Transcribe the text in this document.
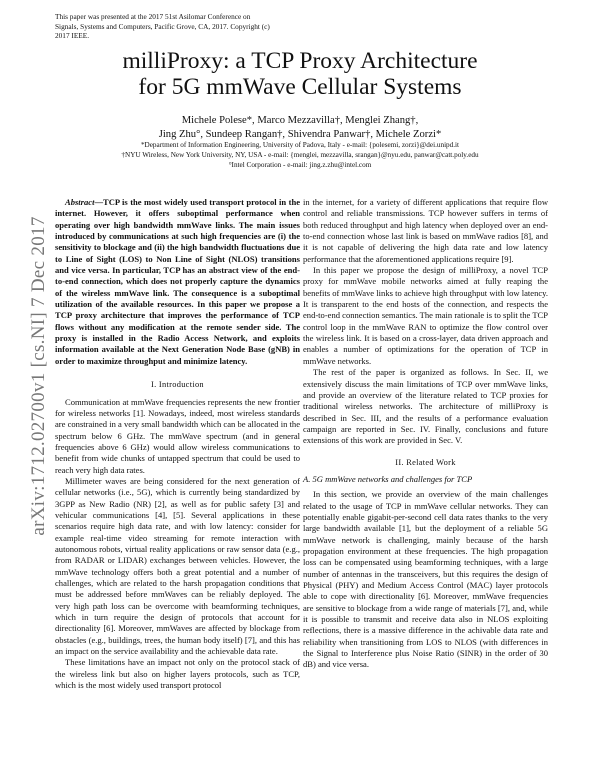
This paper was presented at the 2017 51st Asilomar Conference on Signals, Systems and Computers, Pacific Grove, CA, 2017. Copyright (c) 2017 IEEE.
milliProxy: a TCP Proxy Architecture
for 5G mmWave Cellular Systems
Michele Polese*, Marco Mezzavilla†, Menglei Zhang†,
Jing Zhu°, Sundeep Rangan†, Shivendra Panwar†, Michele Zorzi*
*Department of Information Engineering, University of Padova, Italy - e-mail: {polesemi, zorzi}@dei.unipd.it
†NYU Wireless, New York University, NY, USA - e-mail: {menglei, mezzavilla, srangan}@nyu.edu, panwar@catt.poly.edu
°Intel Corporation - e-mail: jing.z.zhu@intel.com
arXiv:1712.02700v1 [cs.NI] 7 Dec 2017

Abstract—TCP is the most widely used transport protocol in the internet. However, it offers suboptimal performance when operating over high bandwidth mmWave links. The main issues introduced by communications at such high frequencies are (i) the sensitivity to blockage and (ii) the high bandwidth fluctuations due to Line of Sight (LOS) to Non Line of Sight (NLOS) transitions and vice versa. In particular, TCP has an abstract view of the end-to-end connection, which does not properly capture the dynamics of the wireless mmWave link. The consequence is a suboptimal utilization of the available resources. In this paper we propose a TCP proxy architecture that improves the performance of TCP flows without any modification at the remote sender side. The proxy is installed in the Radio Access Network, and exploits information available at the Next Generation Node Base (gNB) in order to maximize throughput and minimize latency.

I. Introduction

Communication at mmWave frequencies represents the new frontier for wireless networks [1]. Nowadays, indeed, most wireless standards are constrained in a very small bandwidth which can be allocated in the spectrum below 6 GHz. The mmWave spectrum (and in general frequencies above 6 GHz) would allow wireless communications to benefit from wide chunks of untapped spectrum that could be used to reach very high data rates.

Millimeter waves are being considered for the next generation of cellular networks (i.e., 5G), which is currently being standardized by 3GPP as New Radio (NR) [2], as well as for public safety [3] and vehicular communications [4], [5]. Several applications in these scenarios require high data rate, and with low latency: consider for example real-time video streaming for remote interaction with autonomous robots, virtual reality applications or raw sensor data (e.g., from RADAR or LIDAR) exchanges between vehicles. However, the mmWave technology offers both a great potential and a number of challenges, which are related to the harsh propagation conditions that must be addressed before mmWaves can be reliably deployed. The very high path loss can be overcome with beamforming techniques, which in turn require the design of protocols that account for directionality [6]. Moreover, mmWaves are affected by blockage from obstacles (e.g., buildings, trees, the human body itself) [7], and this has an impact on the service availability and the achievable data rate.

These limitations have an impact not only on the protocol stack of the wireless link but also on higher layers protocols, such as TCP, which is the most widely used transport protocol

in the internet, for a variety of different applications that require flow control and reliable transmissions. TCP however suffers in terms of both reduced throughput and high latency when deployed over an end-to-end connection whose last link is based on mmWave radios [8], and it is not capable of delivering the high data rate and low latency performance that the aforementioned applications require [9].

In this paper we propose the design of milliProxy, a novel TCP proxy for mmWave mobile networks aimed at fully reaping the benefits of mmWave links to achieve high throughput with low latency. It is transparent to the end hosts of the connection, and respects the end-to-end connection semantics. The main rationale is to split the TCP control loop in the mmWave RAN to optimize the flow control over the wireless link. It is based on a cross-layer, data driven approach and enables a number of optimizations for the operation of TCP in mmWave networks.

The rest of the paper is organized as follows. In Sec. II, we extensively discuss the main limitations of TCP over mmWave links, and provide an overview of the literature related to TCP proxies for traditional wireless networks. The architecture of milliProxy is described in Sec. III, and the results of a performance evaluation campaign are reported in Sec. IV. Finally, conclusions and future extensions of this work are provided in Sec. V.

II. Related Work
A. 5G mmWave networks and challenges for TCP

In this section, we provide an overview of the main challenges related to the usage of TCP in mmWave cellular networks. They can potentially enable gigabit-per-second cell data rates thanks to the very large bandwidth available [1], but the deployment of a reliable 5G mmWave network is challenging, mainly because of the harsh propagation environment at these frequencies. The high propagation loss can be compensated using beamforming techniques, with a large number of antennas in the transceivers, but this requires the design of Physical (PHY) and Medium Access Control (MAC) layer protocols able to cope with directionality [6]. Moreover, mmWave frequencies are sensitive to blockage from a wide range of materials [7], and, while it is possible to transmit and receive data also in NLOS exploiting reflections, there is a massive difference in the achivable data rate and reliability when transitioning from LOS to NLOS (with differences in the Signal to Interference plus Noise Ratio (SINR) in the order of 30 dB) and vice versa.
